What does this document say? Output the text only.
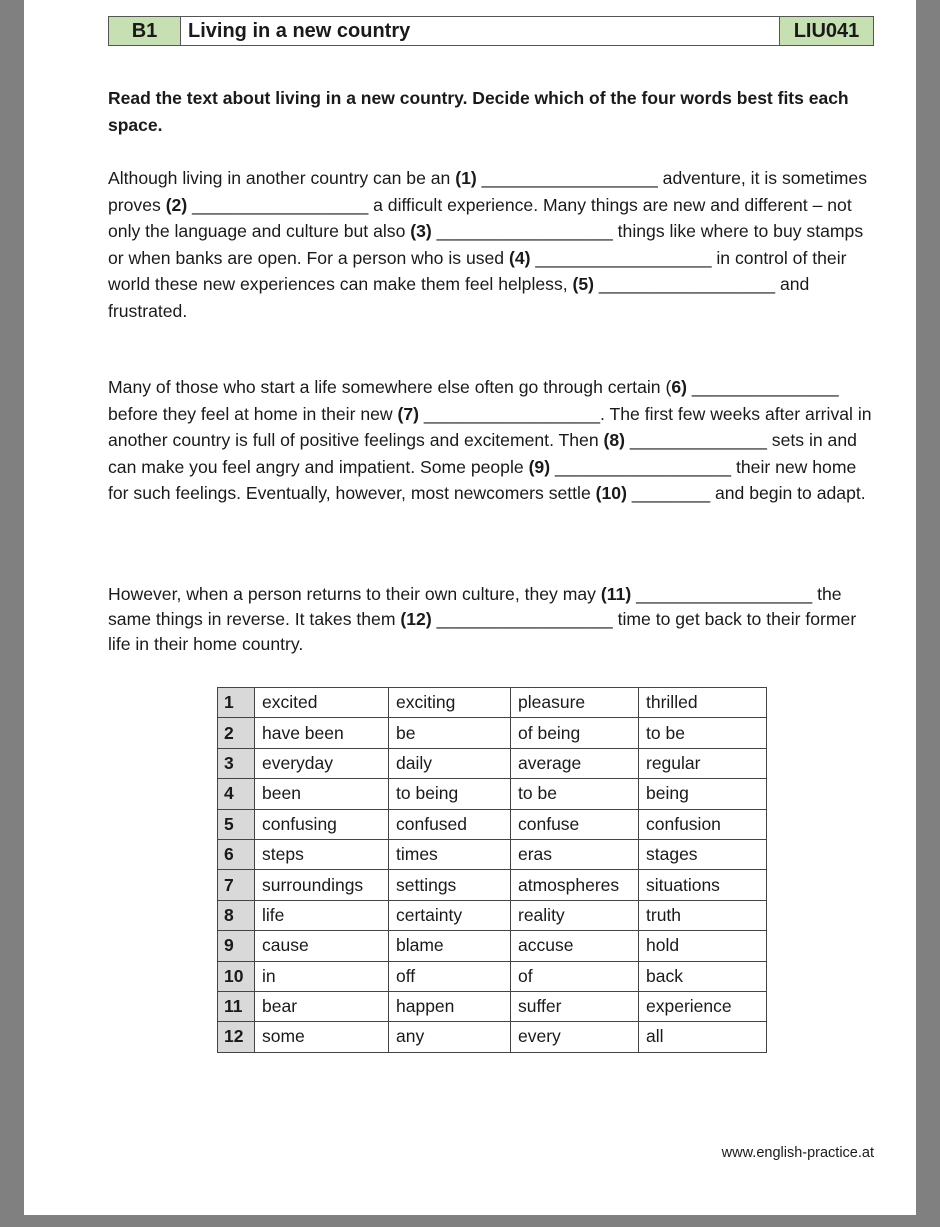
B1	Living in a new country	LIU041
Read the text about living in a new country. Decide which of the four words best fits each space.
Although living in another country can be an (1) __________________ adventure, it is sometimes proves (2) __________________ a difficult experience. Many things are new and different – not only the language and culture but also (3) __________________ things like where to buy stamps or when banks are open. For a person who is used (4) __________________ in control of their world these new experiences can make them feel helpless, (5) __________________ and frustrated.
Many of those who start a life somewhere else often go through certain (6) _______________ before they feel at home in their new (7) __________________. The first few weeks after arrival in another country is full of positive feelings and excitement. Then (8) ______________ sets in and can make you feel angry and impatient. Some people (9) __________________ their new home for such feelings. Eventually, however, most newcomers settle (10) ________ and begin to adapt.
However, when a person returns to their own culture, they may (11) __________________ the same things in reverse. It takes them (12) __________________ time to get back to their former life in their home country.
1	excited	exciting	pleasure	thrilled
2	have been	be	of being	to be
3	everyday	daily	average	regular
4	been	to being	to be	being
5	confusing	confused	confuse	confusion
6	steps	times	eras	stages
7	surroundings	settings	atmospheres	situations
8	life	certainty	reality	truth
9	cause	blame	accuse	hold
10	in	off	of	back
11	bear	happen	suffer	experience
12	some	any	every	all
www.english-practice.at
